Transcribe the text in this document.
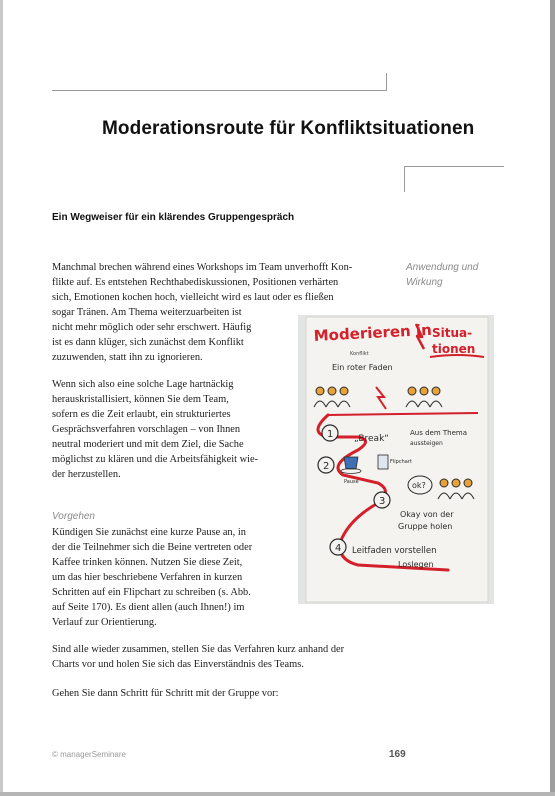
Moderationsroute für Konfliktsituationen
Ein Wegweiser für ein klärendes Gruppengespräch
Anwendung und
Wirkung

Manchmal brechen während eines Workshops im Team unverhofft Kon-
flikte auf. Es entstehen Rechthabediskussionen, Positionen verhärten
sich, Emotionen kochen hoch, vielleicht wird es laut oder es fließen
sogar Tränen. Am Thema weiterzuarbeiten ist
nicht mehr möglich oder sehr erschwert. Häufig
ist es dann klüger, sich zunächst dem Konflikt
zuzuwenden, statt ihn zu ignorieren.

Wenn sich also eine solche Lage hartnäckig
herauskristallisiert, können Sie dem Team,
sofern es die Zeit erlaubt, ein strukturiertes
Gesprächsverfahren vorschlagen – von Ihnen
neutral moderiert und mit dem Ziel, die Sache
möglichst zu klären und die Arbeitsfähigkeit wie-
der herzustellen.

Vorgehen

Kündigen Sie zunächst eine kurze Pause an, in
der die Teilnehmer sich die Beine vertreten oder
Kaffee trinken können. Nutzen Sie diese Zeit,
um das hier beschriebene Verfahren in kurzen
Schritten auf ein Flipchart zu schreiben (s. Abb.
auf Seite 170). Es dient allen (auch Ihnen!) im
Verlauf zur Orientierung.

Sind alle wieder zusammen, stellen Sie das Verfahren kurz anhand der
Charts vor und holen Sie sich das Einverständnis des Teams.

Gehen Sie dann Schritt für Schritt mit der Gruppe vor:

Moderieren in
Konflikt
Situa-
tionen
Ein roter Faden
1 „Break“
Aus dem Thema
aussteigen
2
Pause
Flipchart
3
ok?
Okay von der
Gruppe holen
4 Leitfaden vorstellen
Loslegen
© managerSeminare	169
